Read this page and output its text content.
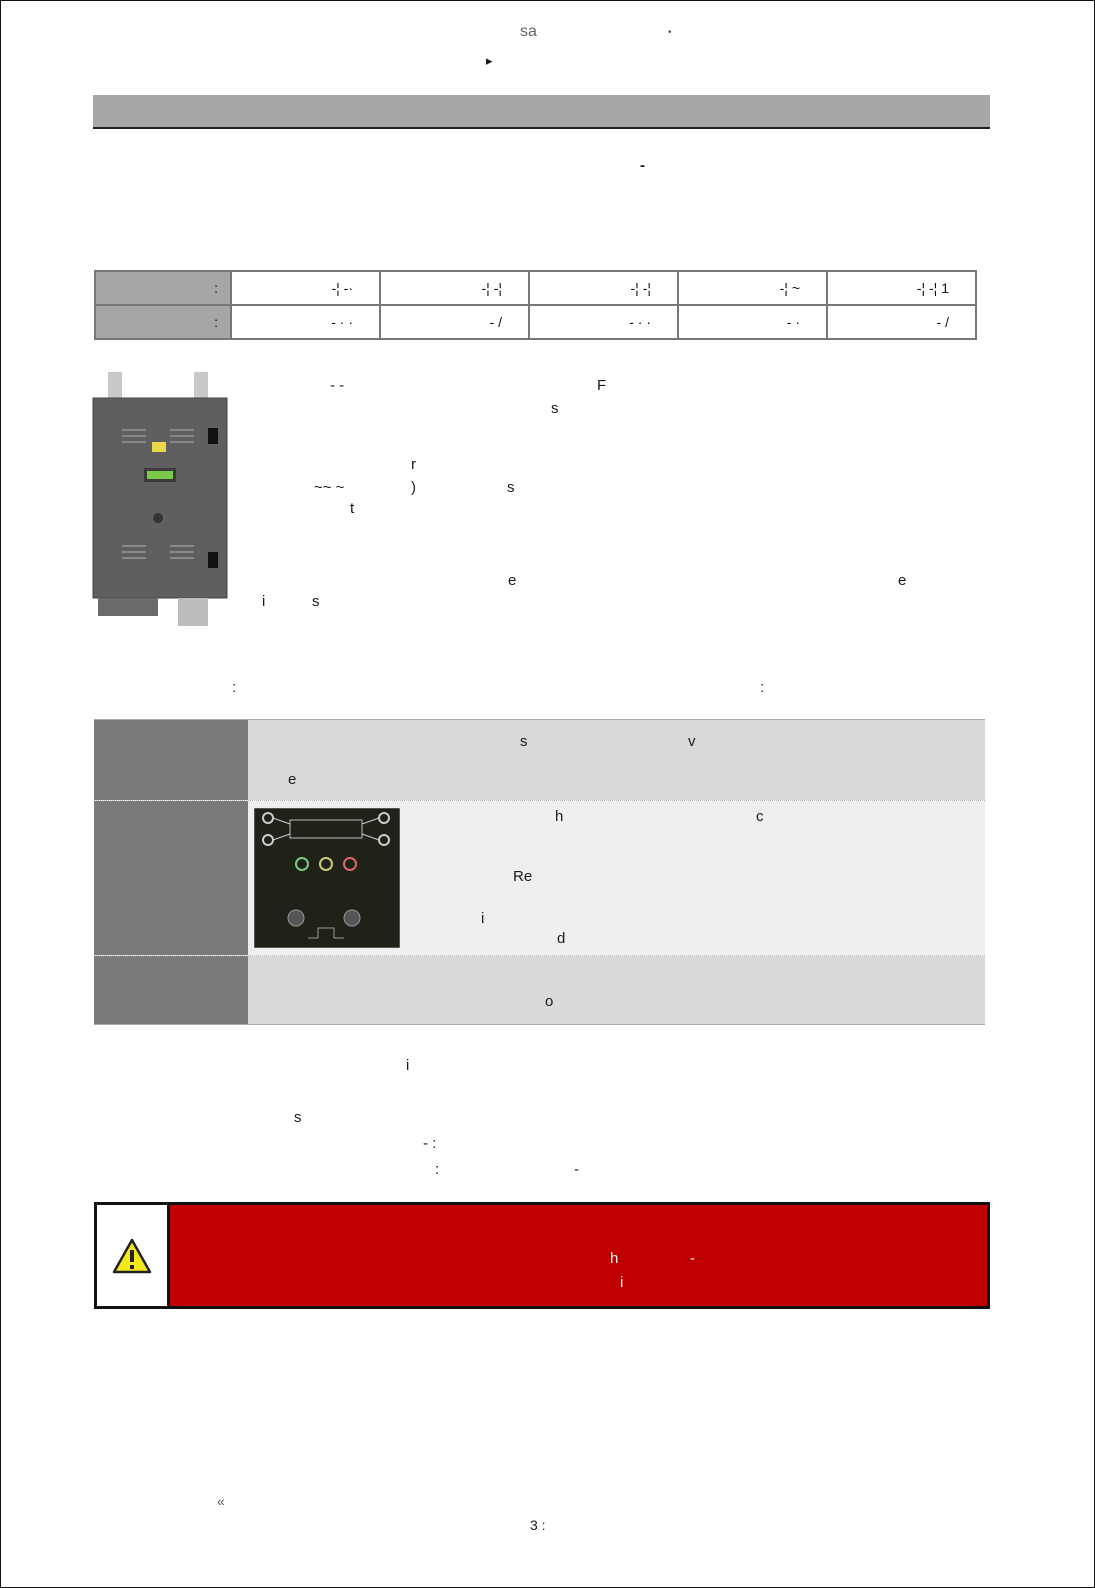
sa	•
▸
-
:	-¦ -·	-¦ -¦	-¦ -¦	-¦ ~	-¦ -¦ 1
:	- · ·	- /	- · ·	- ·	- /
- -	F
s
r
~~ ~	)	s
t
e	e
i	s
:	:
s	v
e
h	c
Re
i
d
o
i
s
- :
:	-
h	-
i
«
3 :
